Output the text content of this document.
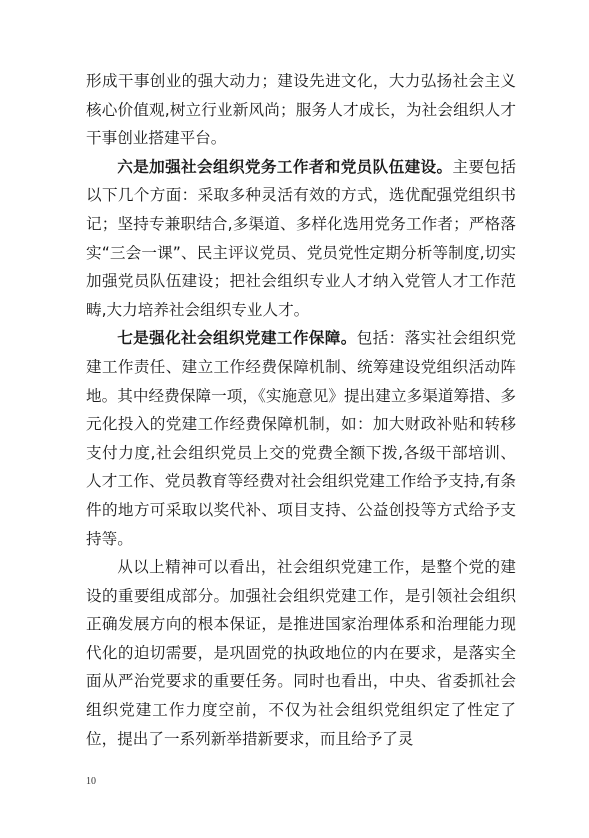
形成干事创业的强大动力；建设先进文化，大力弘扬社会主义核心价值观,树立行业新风尚；服务人才成长，为社会组织人才干事创业搭建平台。

六是加强社会组织党务工作者和党员队伍建设。主要包括以下几个方面：采取多种灵活有效的方式，选优配强党组织书记；坚持专兼职结合,多渠道、多样化选用党务工作者；严格落实“三会一课”、民主评议党员、党员党性定期分析等制度,切实加强党员队伍建设；把社会组织专业人才纳入党管人才工作范畴,大力培养社会组织专业人才。

七是强化社会组织党建工作保障。包括：落实社会组织党建工作责任、建立工作经费保障机制、统筹建设党组织活动阵地。其中经费保障一项，《实施意见》提出建立多渠道筹措、多元化投入的党建工作经费保障机制，如：加大财政补贴和转移支付力度,社会组织党员上交的党费全额下拨,各级干部培训、人才工作、党员教育等经费对社会组织党建工作给予支持,有条件的地方可采取以奖代补、项目支持、公益创投等方式给予支持等。

从以上精神可以看出，社会组织党建工作，是整个党的建设的重要组成部分。加强社会组织党建工作，是引领社会组织正确发展方向的根本保证，是推进国家治理体系和治理能力现代化的迫切需要，是巩固党的执政地位的内在要求，是落实全面从严治党要求的重要任务。同时也看出，中央、省委抓社会组织党建工作力度空前，不仅为社会组织党组织定了性定了位，提出了一系列新举措新要求，而且给予了灵

10
